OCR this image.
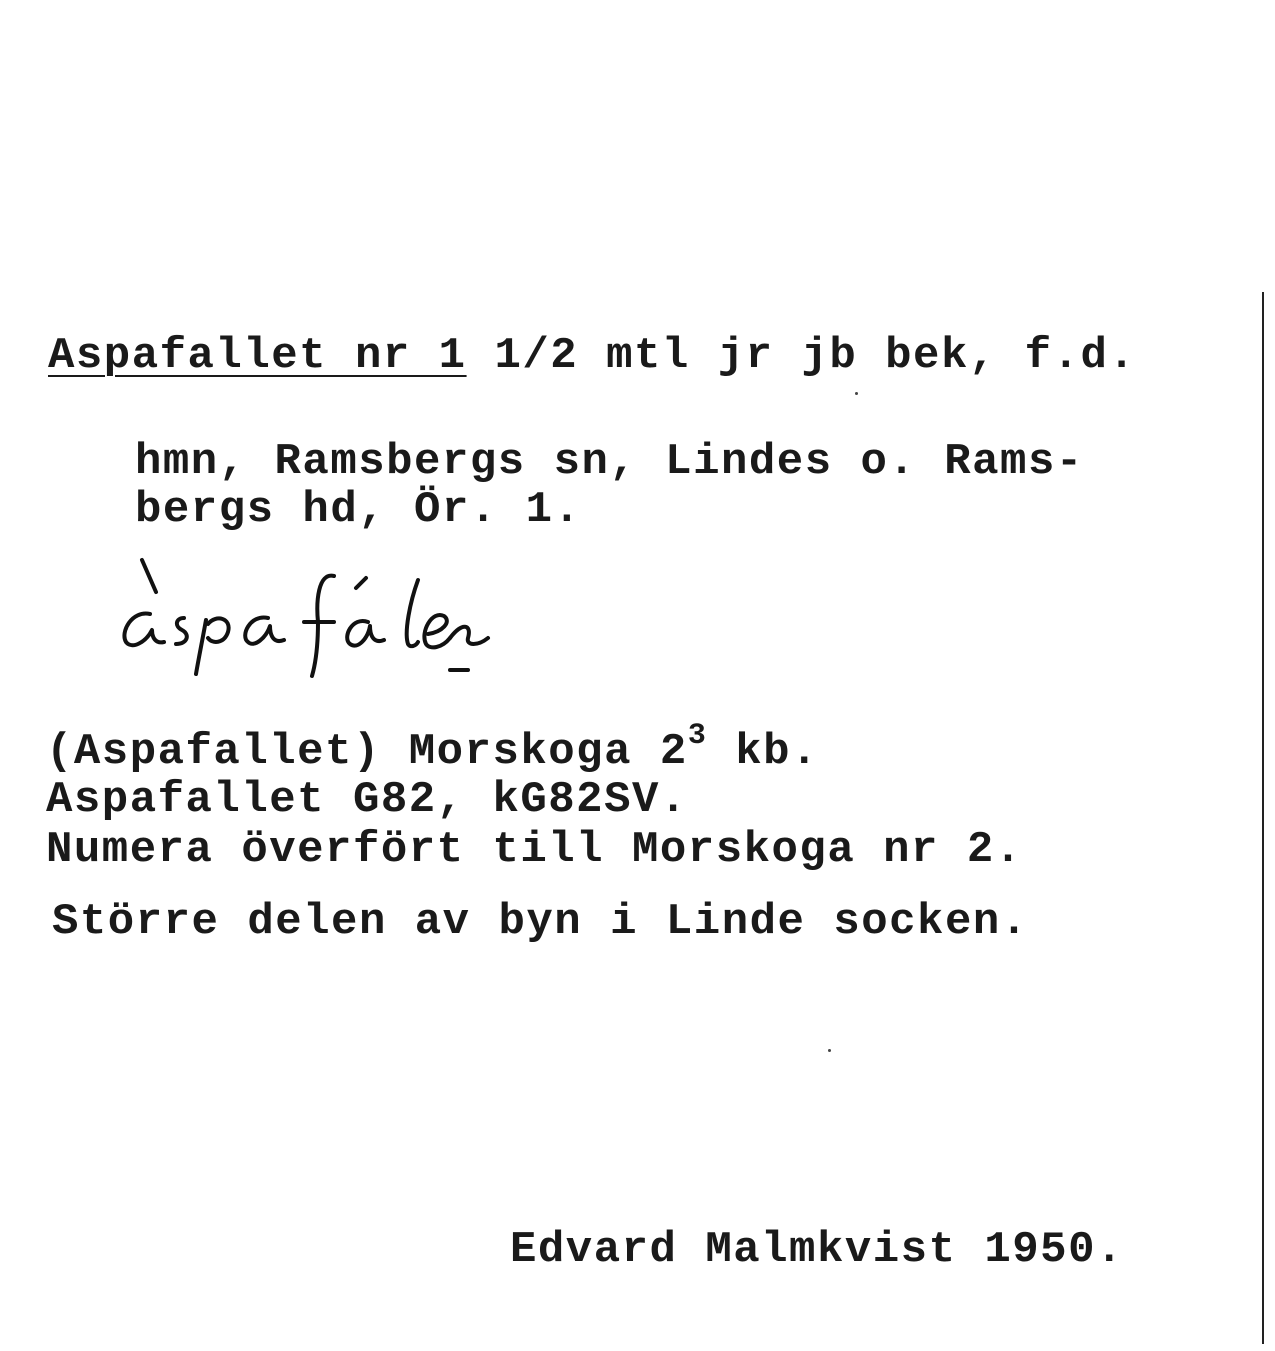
Aspafallet nr 1 1/2 mtl jr jb bek, f.d.
hmn, Ramsbergs sn, Lindes o. Rams-
bergs hd, Ör. 1.
(Aspafallet) Morskoga $2^3$ kb.
Aspafallet G82, kG82SV.
Numera överfört till Morskoga nr 2.
Större delen av byn i Linde socken.
Edvard Malmkvist 1950.
